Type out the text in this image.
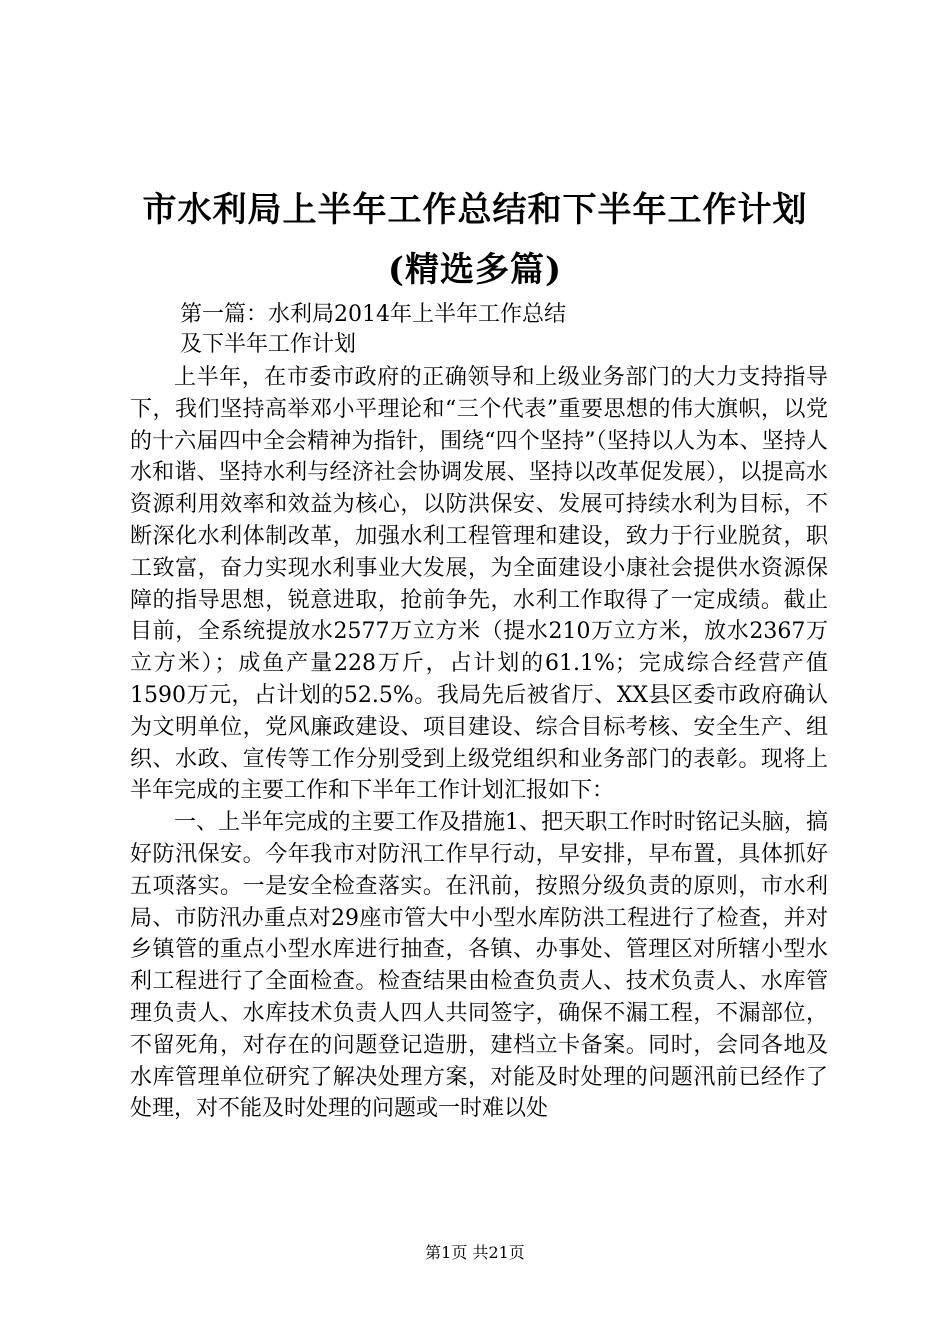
市水利局上半年工作总结和下半年工作计划
(精选多篇)
第一篇：水利局2014年上半年工作总结
及下半年工作计划

上半年，在市委市政府的正确领导和上级业务部门的大力支持指导下，我们坚持高举邓小平理论和“三个代表”重要思想的伟大旗帜，以党的十六届四中全会精神为指针，围绕“四个坚持”（坚持以人为本、坚持人水和谐、坚持水利与经济社会协调发展、坚持以改革促发展），以提高水资源利用效率和效益为核心，以防洪保安、发展可持续水利为目标，不断深化水利体制改革，加强水利工程管理和建设，致力于行业脱贫，职工致富，奋力实现水利事业大发展，为全面建设小康社会提供水资源保障的指导思想，锐意进取，抢前争先，水利工作取得了一定成绩。截止目前，全系统提放水2577万立方米（提水210万立方米，放水2367万立方米）；成鱼产量228万斤，占计划的61.1%；完成综合经营产值1590万元，占计划的52.5%。我局先后被省厅、XX县区委市政府确认为文明单位，党风廉政建设、项目建设、综合目标考核、安全生产、组织、水政、宣传等工作分别受到上级党组织和业务部门的表彰。现将上半年完成的主要工作和下半年工作计划汇报如下：

一、上半年完成的主要工作及措施1、把天职工作时时铭记头脑，搞好防汛保安。今年我市对防汛工作早行动，早安排，早布置，具体抓好五项落实。一是安全检查落实。在汛前，按照分级负责的原则，市水利局、市防汛办重点对29座市管大中小型水库防洪工程进行了检查，并对乡镇管的重点小型水库进行抽查，各镇、办事处、管理区对所辖小型水利工程进行了全面检查。检查结果由检查负责人、技术负责人、水库管理负责人、水库技术负责人四人共同签字，确保不漏工程，不漏部位，不留死角，对存在的问题登记造册，建档立卡备案。同时，会同各地及水库管理单位研究了解决处理方案，对能及时处理的问题汛前已经作了处理，对不能及时处理的问题或一时难以处

第1页 共21页
